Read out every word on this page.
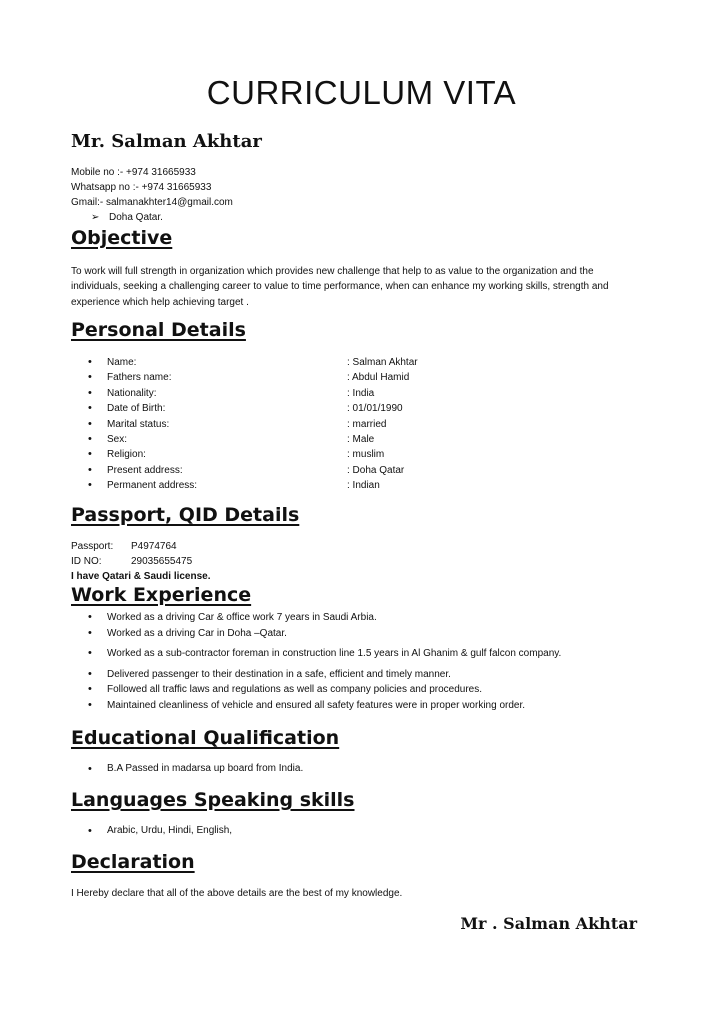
CURRICULUM VITA
Mr. Salman Akhtar
Mobile no :- +974 31665933
Whatsapp no :- +974 31665933
Gmail:- salmanakhter14@gmail.com
➢ Doha Qatar.
Objective
To work will full strength in organization which provides new challenge that help to as value to the organization and the individuals, seeking a challenging career to value to time performance, when can enhance my working skills, strength and experience which help achieving target .
Personal Details
• Name:	: Salman Akhtar
• Fathers name:	: Abdul Hamid
• Nationality:	: India
• Date of Birth:	: 01/01/1990
• Marital status:	: married
• Sex:	: Male
• Religion:	: muslim
• Present address:	: Doha Qatar
• Permanent address:	: Indian
Passport, QID Details
Passport: P4974764
ID NO:	29035655475
I have Qatari & Saudi license.
Work Experience
• Worked as a driving Car & office work 7 years in Saudi Arbia.
• Worked as a driving Car in Doha –Qatar.
• Worked as a sub-contractor foreman in construction line 1.5 years in Al Ghanim & gulf falcon company.
• Delivered passenger to their destination in a safe, efficient and timely manner.
• Followed all traffic laws and regulations as well as company policies and procedures.
• Maintained cleanliness of vehicle and ensured all safety features were in proper working order.
Educational Qualification
• B.A Passed in madarsa up board from India.
Languages Speaking skills
• Arabic, Urdu, Hindi, English,
Declaration
I Hereby declare that all of the above details are the best of my knowledge.
Mr . Salman Akhtar
